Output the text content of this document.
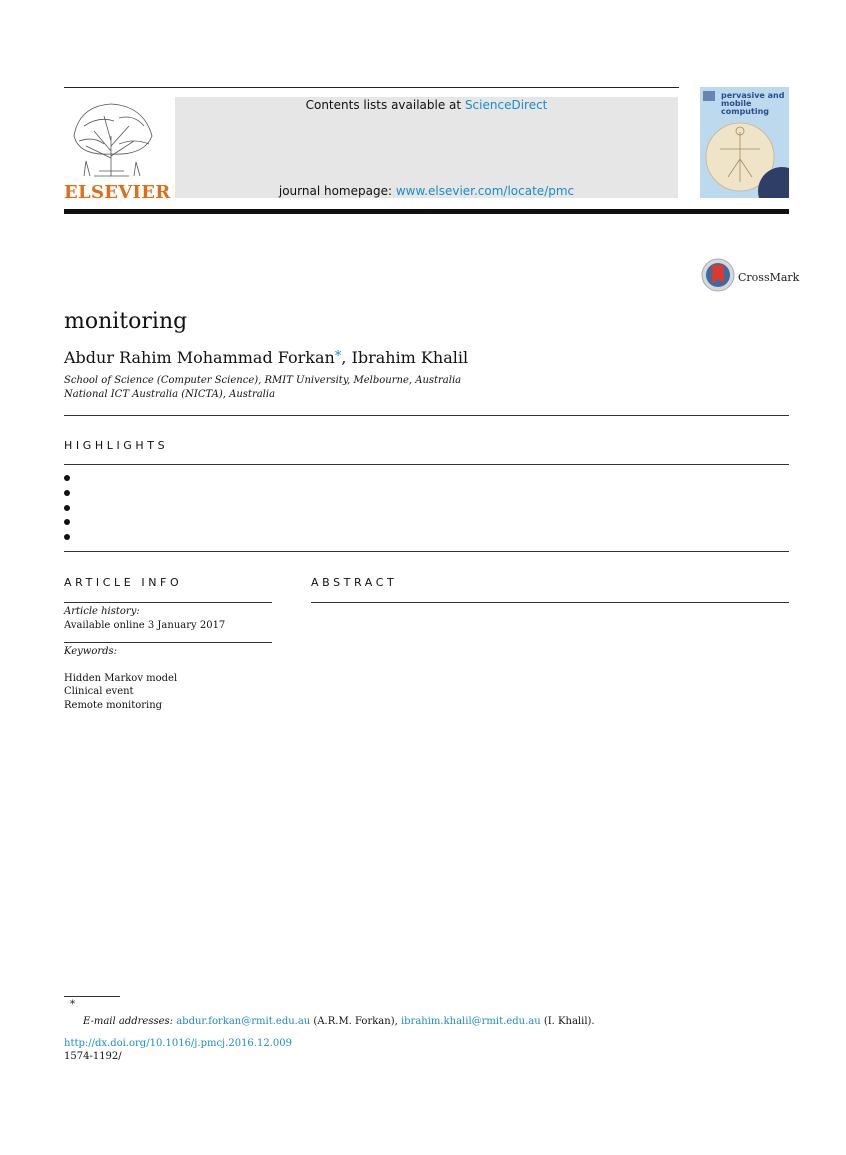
ELSEVIER
Contents lists available at ScienceDirect
journal homepage: www.elsevier.com/locate/pmc
pervasive and mobile computing
CrossMark
monitoring
Abdur Rahim Mohammad Forkan*, Ibrahim Khalil
School of Science (Computer Science), RMIT University, Melbourne, Australia
National ICT Australia (NICTA), Australia
HIGHLIGHTS
ARTICLE INFO
Article history:
Available online 3 January 2017
Keywords:
Hidden Markov model
Clinical event
Remote monitoring
ABSTRACT
*
E-mail addresses: abdur.forkan@rmit.edu.au (A.R.M. Forkan), ibrahim.khalil@rmit.edu.au (I. Khalil).
http://dx.doi.org/10.1016/j.pmcj.2016.12.009
1574-1192/
